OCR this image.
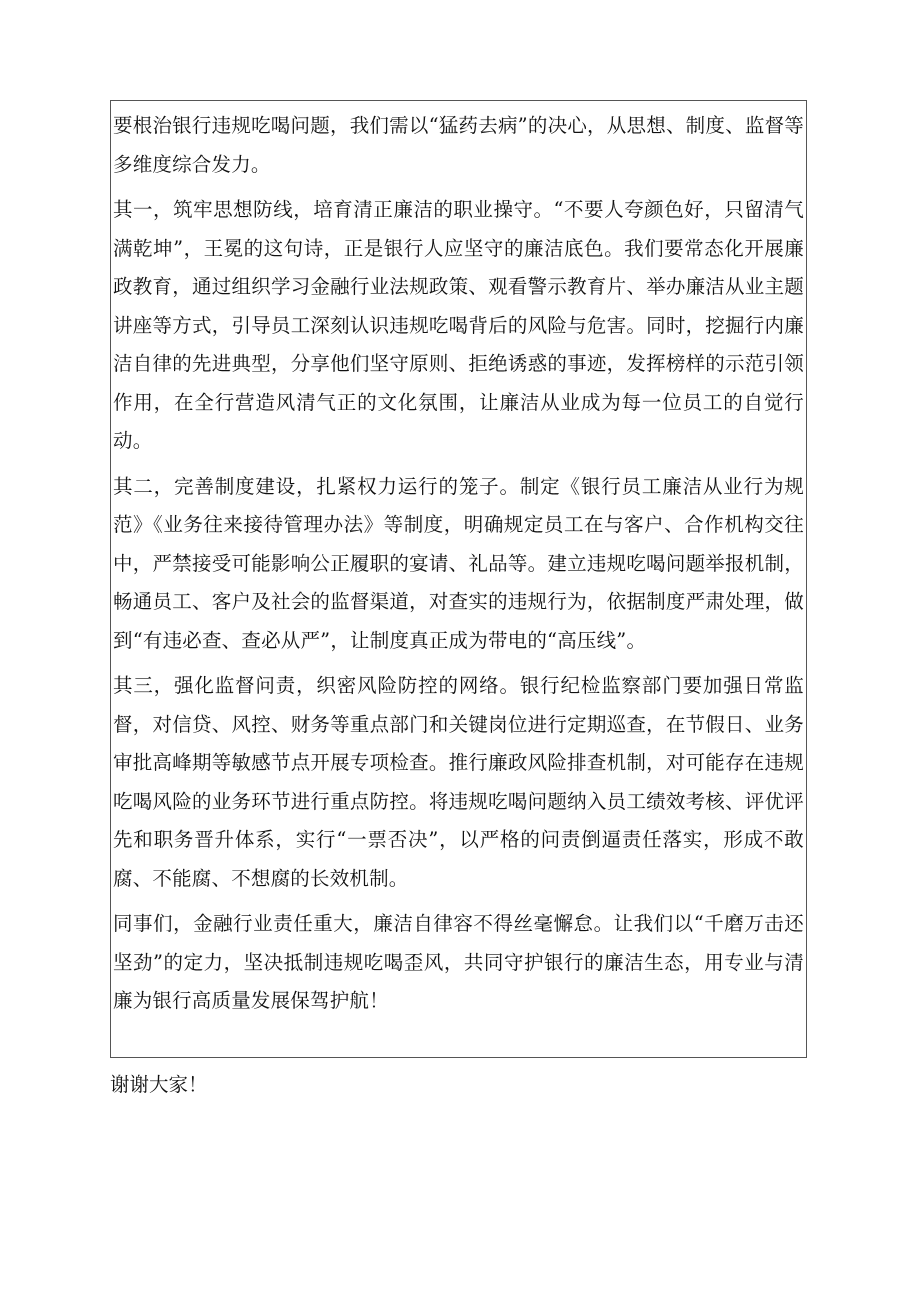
要根治银行违规吃喝问题，我们需以“猛药去病”的决心，从思想、制度、监督等多维度综合发力。

其一，筑牢思想防线，培育清正廉洁的职业操守。“不要人夸颜色好，只留清气满乾坤”，王冕的这句诗，正是银行人应坚守的廉洁底色。我们要常态化开展廉政教育，通过组织学习金融行业法规政策、观看警示教育片、举办廉洁从业主题讲座等方式，引导员工深刻认识违规吃喝背后的风险与危害。同时，挖掘行内廉洁自律的先进典型，分享他们坚守原则、拒绝诱惑的事迹，发挥榜样的示范引领作用，在全行营造风清气正的文化氛围，让廉洁从业成为每一位员工的自觉行动。

其二，完善制度建设，扎紧权力运行的笼子。制定《银行员工廉洁从业行为规范》《业务往来接待管理办法》等制度，明确规定员工在与客户、合作机构交往中，严禁接受可能影响公正履职的宴请、礼品等。建立违规吃喝问题举报机制，畅通员工、客户及社会的监督渠道，对查实的违规行为，依据制度严肃处理，做到“有违必查、查必从严”，让制度真正成为带电的“高压线”。

其三，强化监督问责，织密风险防控的网络。银行纪检监察部门要加强日常监督，对信贷、风控、财务等重点部门和关键岗位进行定期巡查，在节假日、业务审批高峰期等敏感节点开展专项检查。推行廉政风险排查机制，对可能存在违规吃喝风险的业务环节进行重点防控。将违规吃喝问题纳入员工绩效考核、评优评先和职务晋升体系，实行“一票否决”，以严格的问责倒逼责任落实，形成不敢腐、不能腐、不想腐的长效机制。

同事们，金融行业责任重大，廉洁自律容不得丝毫懈怠。让我们以“千磨万击还坚劲”的定力，坚决抵制违规吃喝歪风，共同守护银行的廉洁生态，用专业与清廉为银行高质量发展保驾护航！

谢谢大家！
